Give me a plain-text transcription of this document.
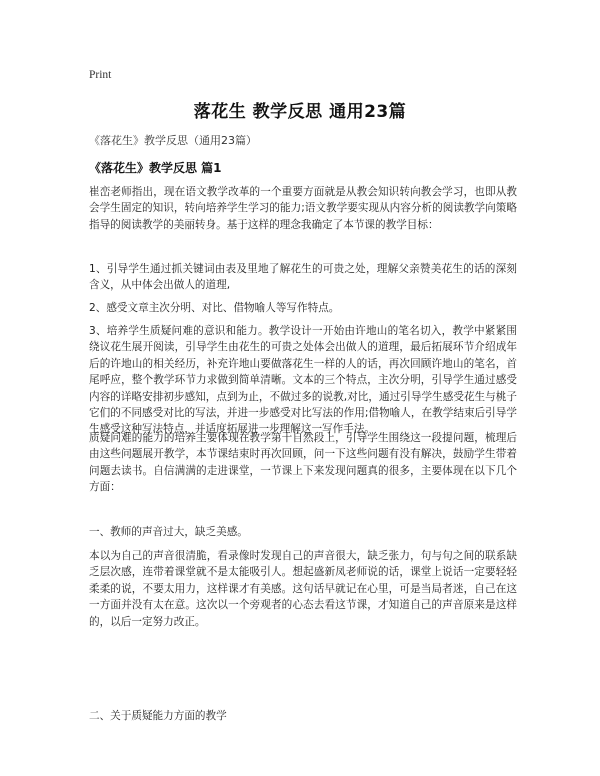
Print
落花生 教学反思 通用23篇
《落花生》教学反思（通用23篇）
《落花生》教学反思 篇1
崔峦老师指出，现在语文教学改革的一个重要方面就是从教会知识转向教会学习，也即从教会学生固定的知识，转向培养学生学习的能力;语文教学要实现从内容分析的阅读教学向策略指导的阅读教学的美丽转身。基于这样的理念我确定了本节课的教学目标：
1、引导学生通过抓关键词由表及里地了解花生的可贵之处，理解父亲赞美花生的话的深刻含义，从中体会出做人的道理,
2、感受文章主次分明、对比、借物喻人等写作特点。
3、培养学生质疑问难的意识和能力。教学设计一开始由许地山的笔名切入，教学中紧紧围绕议花生展开阅读，引导学生由花生的可贵之处体会出做人的道理，最后拓展环节介绍成年后的许地山的相关经历，补充许地山要做落花生一样的人的话，再次回顾许地山的笔名，首尾呼应，整个教学环节力求做到简单清晰。文本的三个特点，主次分明，引导学生通过感受内容的详略安排初步感知，点到为止，不做过多的说教,对比，通过引导学生感受花生与桃子它们的不同感受对比的写法，并进一步感受对比写法的作用;借物喻人，在教学结束后引导学生感受这种写法特点，并适度拓展进一步理解这一写作手法。
质疑问难的能力的培养主要体现在教学第十自然段上，引导学生围绕这一段提问题，梳理后由这些问题展开教学，本节课结束时再次回顾，问一下这些问题有没有解决，鼓励学生带着问题去读书。自信满满的走进课堂，一节课上下来发现问题真的很多，主要体现在以下几个方面：
一、教师的声音过大，缺乏美感。
本以为自己的声音很清脆，看录像时发现自己的声音很大，缺乏张力，句与句之间的联系缺乏层次感，连带着课堂就不是太能吸引人。想起盛新凤老师说的话，课堂上说话一定要轻轻柔柔的说，不要太用力，这样课才有美感。这句话早就记在心里，可是当局者迷，自己在这一方面并没有太在意。这次以一个旁观者的心态去看这节课，才知道自己的声音原来是这样的，以后一定努力改正。
二、关于质疑能力方面的教学
